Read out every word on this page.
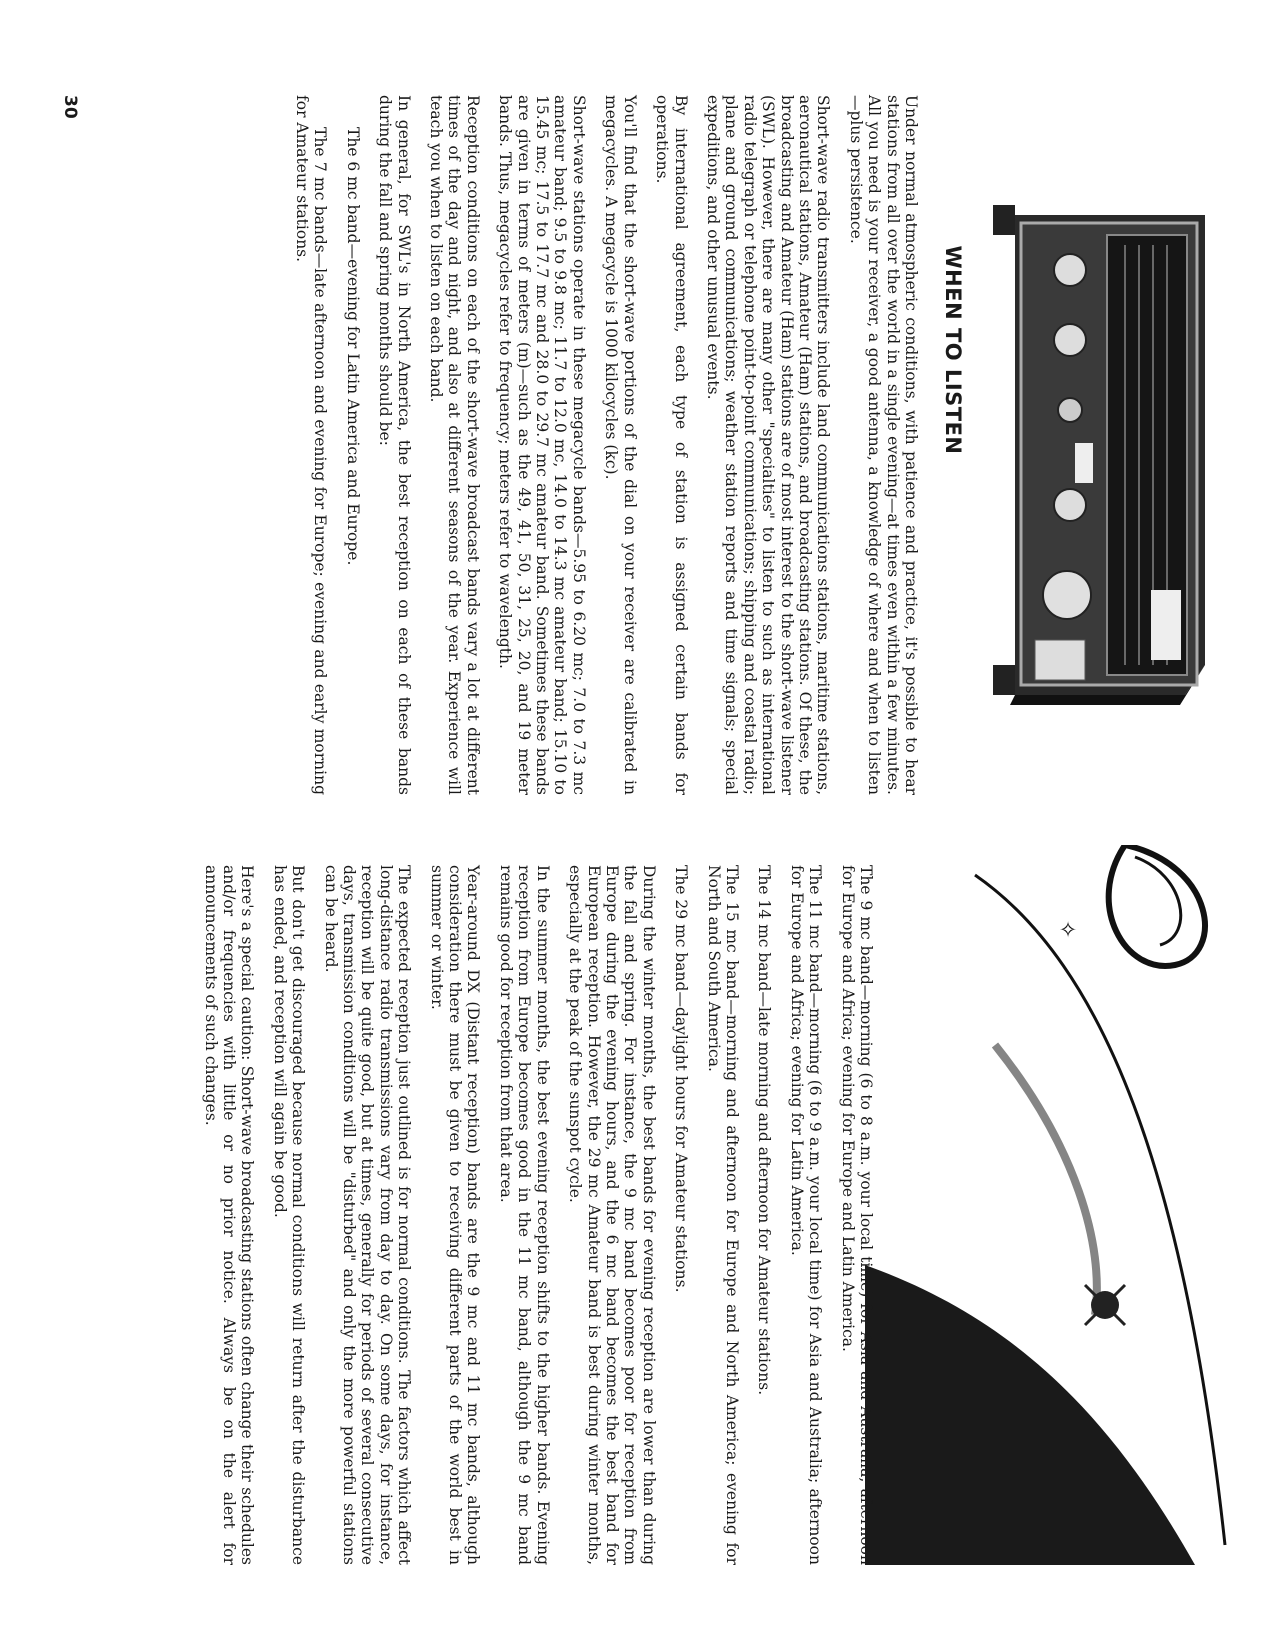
WHEN TO LISTEN

Under normal atmospheric conditions, with patience and practice, it's possible to hear stations from all over the world in a single evening—at times even within a few minutes. All you need is your receiver, a good antenna, a knowledge of where and when to listen—plus persistence.

Short-wave radio transmitters include land communications stations, maritime stations, aeronautical stations, Amateur (Ham) stations, and broadcasting stations. Of these, the broadcasting and Amateur (Ham) stations are of most interest to the short-wave listener (SWL). However, there are many other "specialties" to listen to such as international radio telegraph or telephone point-to-point communications; shipping and coastal radio; plane and ground communications; weather station reports and time signals; special expeditions, and other unusual events.

By international agreement, each type of station is assigned certain bands for operations.

You'll find that the short-wave portions of the dial on your receiver are calibrated in megacycles. A megacycle is 1000 kilocycles (kc).

Short-wave stations operate in these megacycle bands—5.95 to 6.20 mc; 7.0 to 7.3 mc amateur band; 9.5 to 9.8 mc; 11.7 to 12.0 mc, 14.0 to 14.3 mc amateur band; 15.10 to 15.45 mc; 17.5 to 17.7 mc and 28.0 to 29.7 mc amateur band. Sometimes these bands are given in terms of meters (m)—such as the 49, 41, 50, 31, 25, 20, and 19 meter bands. Thus, megacycles refer to frequency; meters refer to wavelength.

Reception conditions on each of the short-wave broadcast bands vary a lot at different times of the day and night, and also at different seasons of the year. Experience will teach you when to listen on each band.

In general, for SWL's in North America, the best reception on each of these bands during the fall and spring months should be:

The 6 mc band—evening for Latin America and Europe.

The 7 mc bands—late afternoon and evening for Europe; evening and early morning for Amateur stations.

✧

The 9 mc band—morning (6 to 8 a.m. your local time) for Asia and Australia; afternoon for Europe and Africa; evening for Europe and Latin America.

The 11 mc band—morning (6 to 9 a.m. your local time) for Asia and Australia; afternoon for Europe and Africa; evening for Latin America.

The 14 mc band—late morning and afternoon for Amateur stations.

The 15 mc band—morning and afternoon for Europe and North America; evening for North and South America.

The 29 mc band—daylight hours for Amateur stations.

During the winter months, the best bands for evening reception are lower than during the fall and spring. For instance, the 9 mc band becomes poor for reception from Europe during the evening hours, and the 6 mc band becomes the best band for European reception. However, the 29 mc Amateur band is best during winter months, especially at the peak of the sunspot cycle.

In the summer months, the best evening reception shifts to the higher bands. Evening reception from Europe becomes good in the 11 mc band, although the 9 mc band remains good for reception from that area.

Year-around DX (Distant reception) bands are the 9 mc and 11 mc bands, although consideration there must be given to receiving different parts of the world best in summer or winter.

The expected reception just outlined is for normal conditions. The factors which affect long-distance radio transmissions vary from day to day. On some days, for instance, reception will be quite good, but at times, generally for periods of several consecutive days, transmission conditions will be "disturbed" and only the more powerful stations can be heard.

But don't get discouraged because normal conditions will return after the disturbance has ended, and reception will again be good.

Here's a special caution: Short-wave broadcasting stations often change their schedules and/or frequencies with little or no prior notice. Always be on the alert for announcements of such changes.

30
